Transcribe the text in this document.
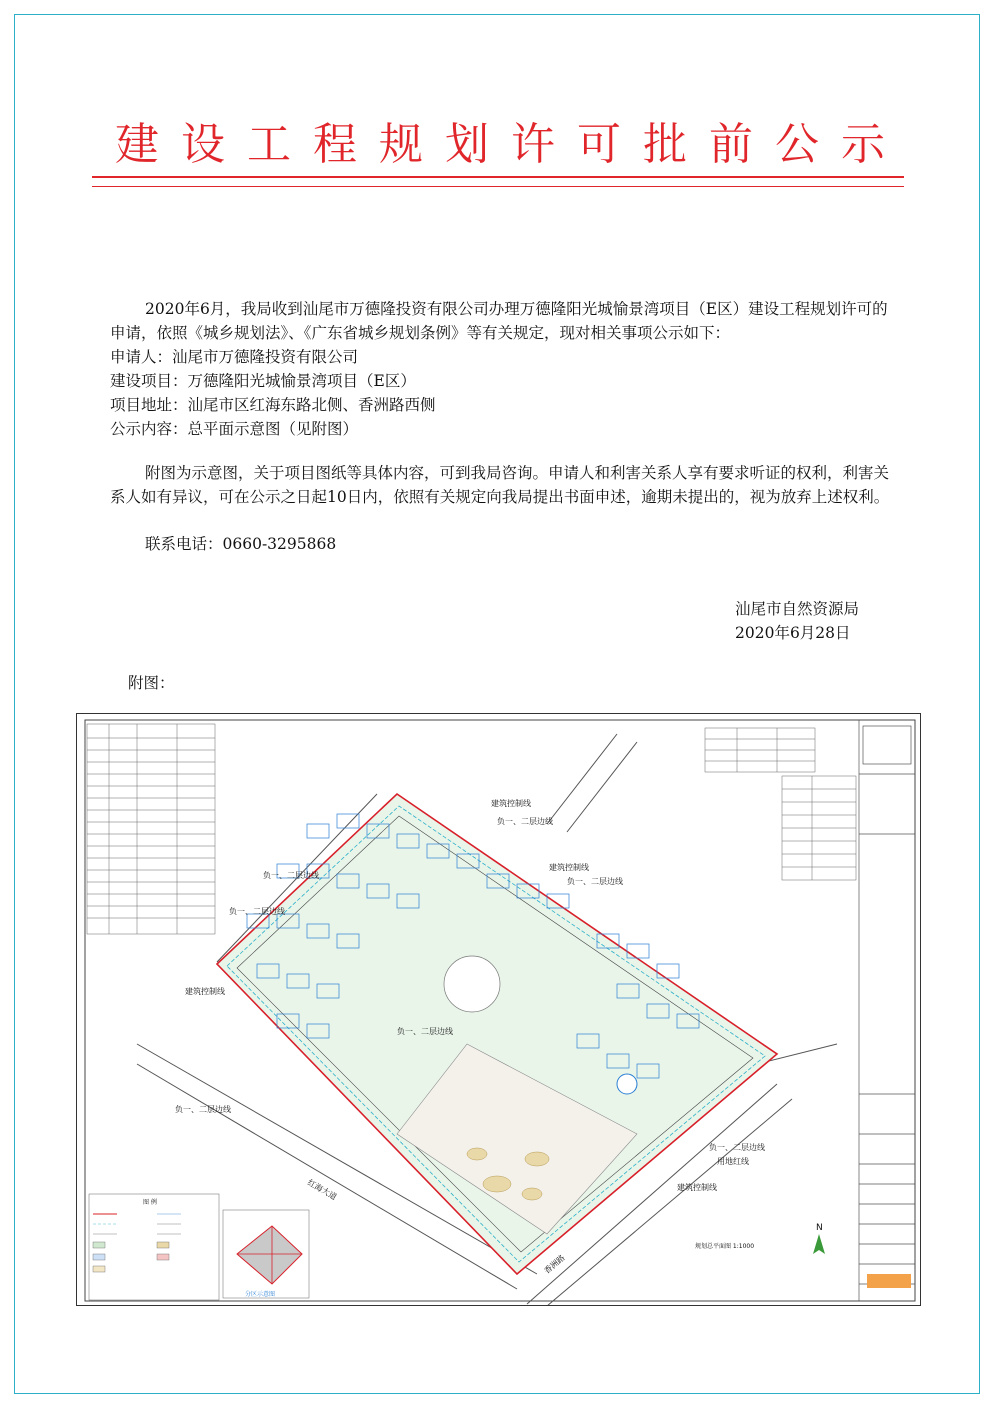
建设工程规划许可批前公示
2020年6月，我局收到汕尾市万德隆投资有限公司办理万德隆阳光城愉景湾项目（E区）建设工程规划许可的申请，依照《城乡规划法》、《广东省城乡规划条例》等有关规定，现对相关事项公示如下：
申请人：汕尾市万德隆投资有限公司
建设项目：万德隆阳光城愉景湾项目（E区）
项目地址：汕尾市区红海东路北侧、香洲路西侧
公示内容：总平面示意图（见附图）
附图为示意图，关于项目图纸等具体内容，可到我局咨询。申请人和利害关系人享有要求听证的权利，利害关系人如有异议，可在公示之日起10日内，依照有关规定向我局提出书面申述，逾期未提出的，视为放弃上述权利。
联系电话：0660-3295868
汕尾市自然资源局
2020年6月28日
附图：
建筑控制线
负一、二层边线
建筑控制线
负一、二层边线
负一、二层边线
负一、二层边线
建筑控制线
负一、二层边线
负一、二层边线
负一、二层边线
用地红线
建筑控制线
红海大道
香洲路
N
规划总平面图 1:1000
图 例
分区示意图
